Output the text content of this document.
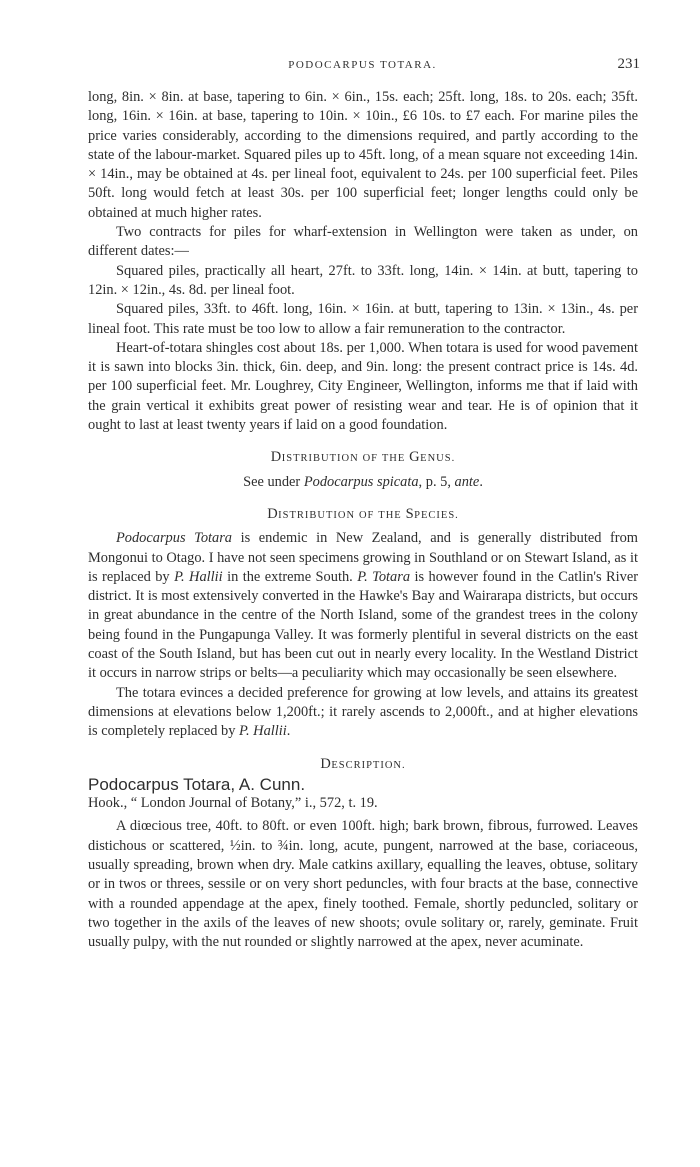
PODOCARPUS TOTARA.	231

long, 8in. × 8in. at base, tapering to 6in. × 6in., 15s. each; 25ft. long, 18s. to 20s. each; 35ft. long, 16in. × 16in. at base, tapering to 10in. × 10in., £6 10s. to £7 each. For marine piles the price varies considerably, according to the dimensions required, and partly according to the state of the labour-market. Squared piles up to 45ft. long, of a mean square not exceeding 14in. × 14in., may be obtained at 4s. per lineal foot, equivalent to 24s. per 100 superficial feet. Piles 50ft. long would fetch at least 30s. per 100 superficial feet; longer lengths could only be obtained at much higher rates.

Two contracts for piles for wharf-extension in Wellington were taken as under, on different dates:—

Squared piles, practically all heart, 27ft. to 33ft. long, 14in. × 14in. at butt, tapering to 12in. × 12in., 4s. 8d. per lineal foot.

Squared piles, 33ft. to 46ft. long, 16in. × 16in. at butt, tapering to 13in. × 13in., 4s. per lineal foot. This rate must be too low to allow a fair remuneration to the contractor.

Heart-of-totara shingles cost about 18s. per 1,000. When totara is used for wood pavement it is sawn into blocks 3in. thick, 6in. deep, and 9in. long: the present contract price is 14s. 4d. per 100 superficial feet. Mr. Loughrey, City Engineer, Wellington, informs me that if laid with the grain vertical it exhibits great power of resisting wear and tear. He is of opinion that it ought to last at least twenty years if laid on a good foundation.

DISTRIBUTION OF THE GENUS.

See under Podocarpus spicata, p. 5, ante.

DISTRIBUTION OF THE SPECIES.

Podocarpus Totara is endemic in New Zealand, and is generally distributed from Mongonui to Otago. I have not seen specimens growing in Southland or on Stewart Island, as it is replaced by P. Hallii in the extreme South. P. Totara is however found in the Catlin's River district. It is most extensively converted in the Hawke's Bay and Wairarapa districts, but occurs in great abundance in the centre of the North Island, some of the grandest trees in the colony being found in the Pungapunga Valley. It was formerly plentiful in several districts on the east coast of the South Island, but has been cut out in nearly every locality. In the Westland District it occurs in narrow strips or belts—a peculiarity which may occasionally be seen elsewhere.

The totara evinces a decided preference for growing at low levels, and attains its greatest dimensions at elevations below 1,200ft.; it rarely ascends to 2,000ft., and at higher elevations is completely replaced by P. Hallii.

DESCRIPTION.

Podocarpus Totara, A. Cunn.

Hook., “ London Journal of Botany,” i., 572, t. 19.

A diœcious tree, 40ft. to 80ft. or even 100ft. high; bark brown, fibrous, furrowed. Leaves distichous or scattered, ½in. to ¾in. long, acute, pungent, narrowed at the base, coriaceous, usually spreading, brown when dry. Male catkins axillary, equalling the leaves, obtuse, solitary or in twos or threes, sessile or on very short peduncles, with four bracts at the base, connective with a rounded appendage at the apex, finely toothed. Female, shortly peduncled, solitary or two together in the axils of the leaves of new shoots; ovule solitary or, rarely, geminate. Fruit usually pulpy, with the nut rounded or slightly narrowed at the apex, never acuminate.
